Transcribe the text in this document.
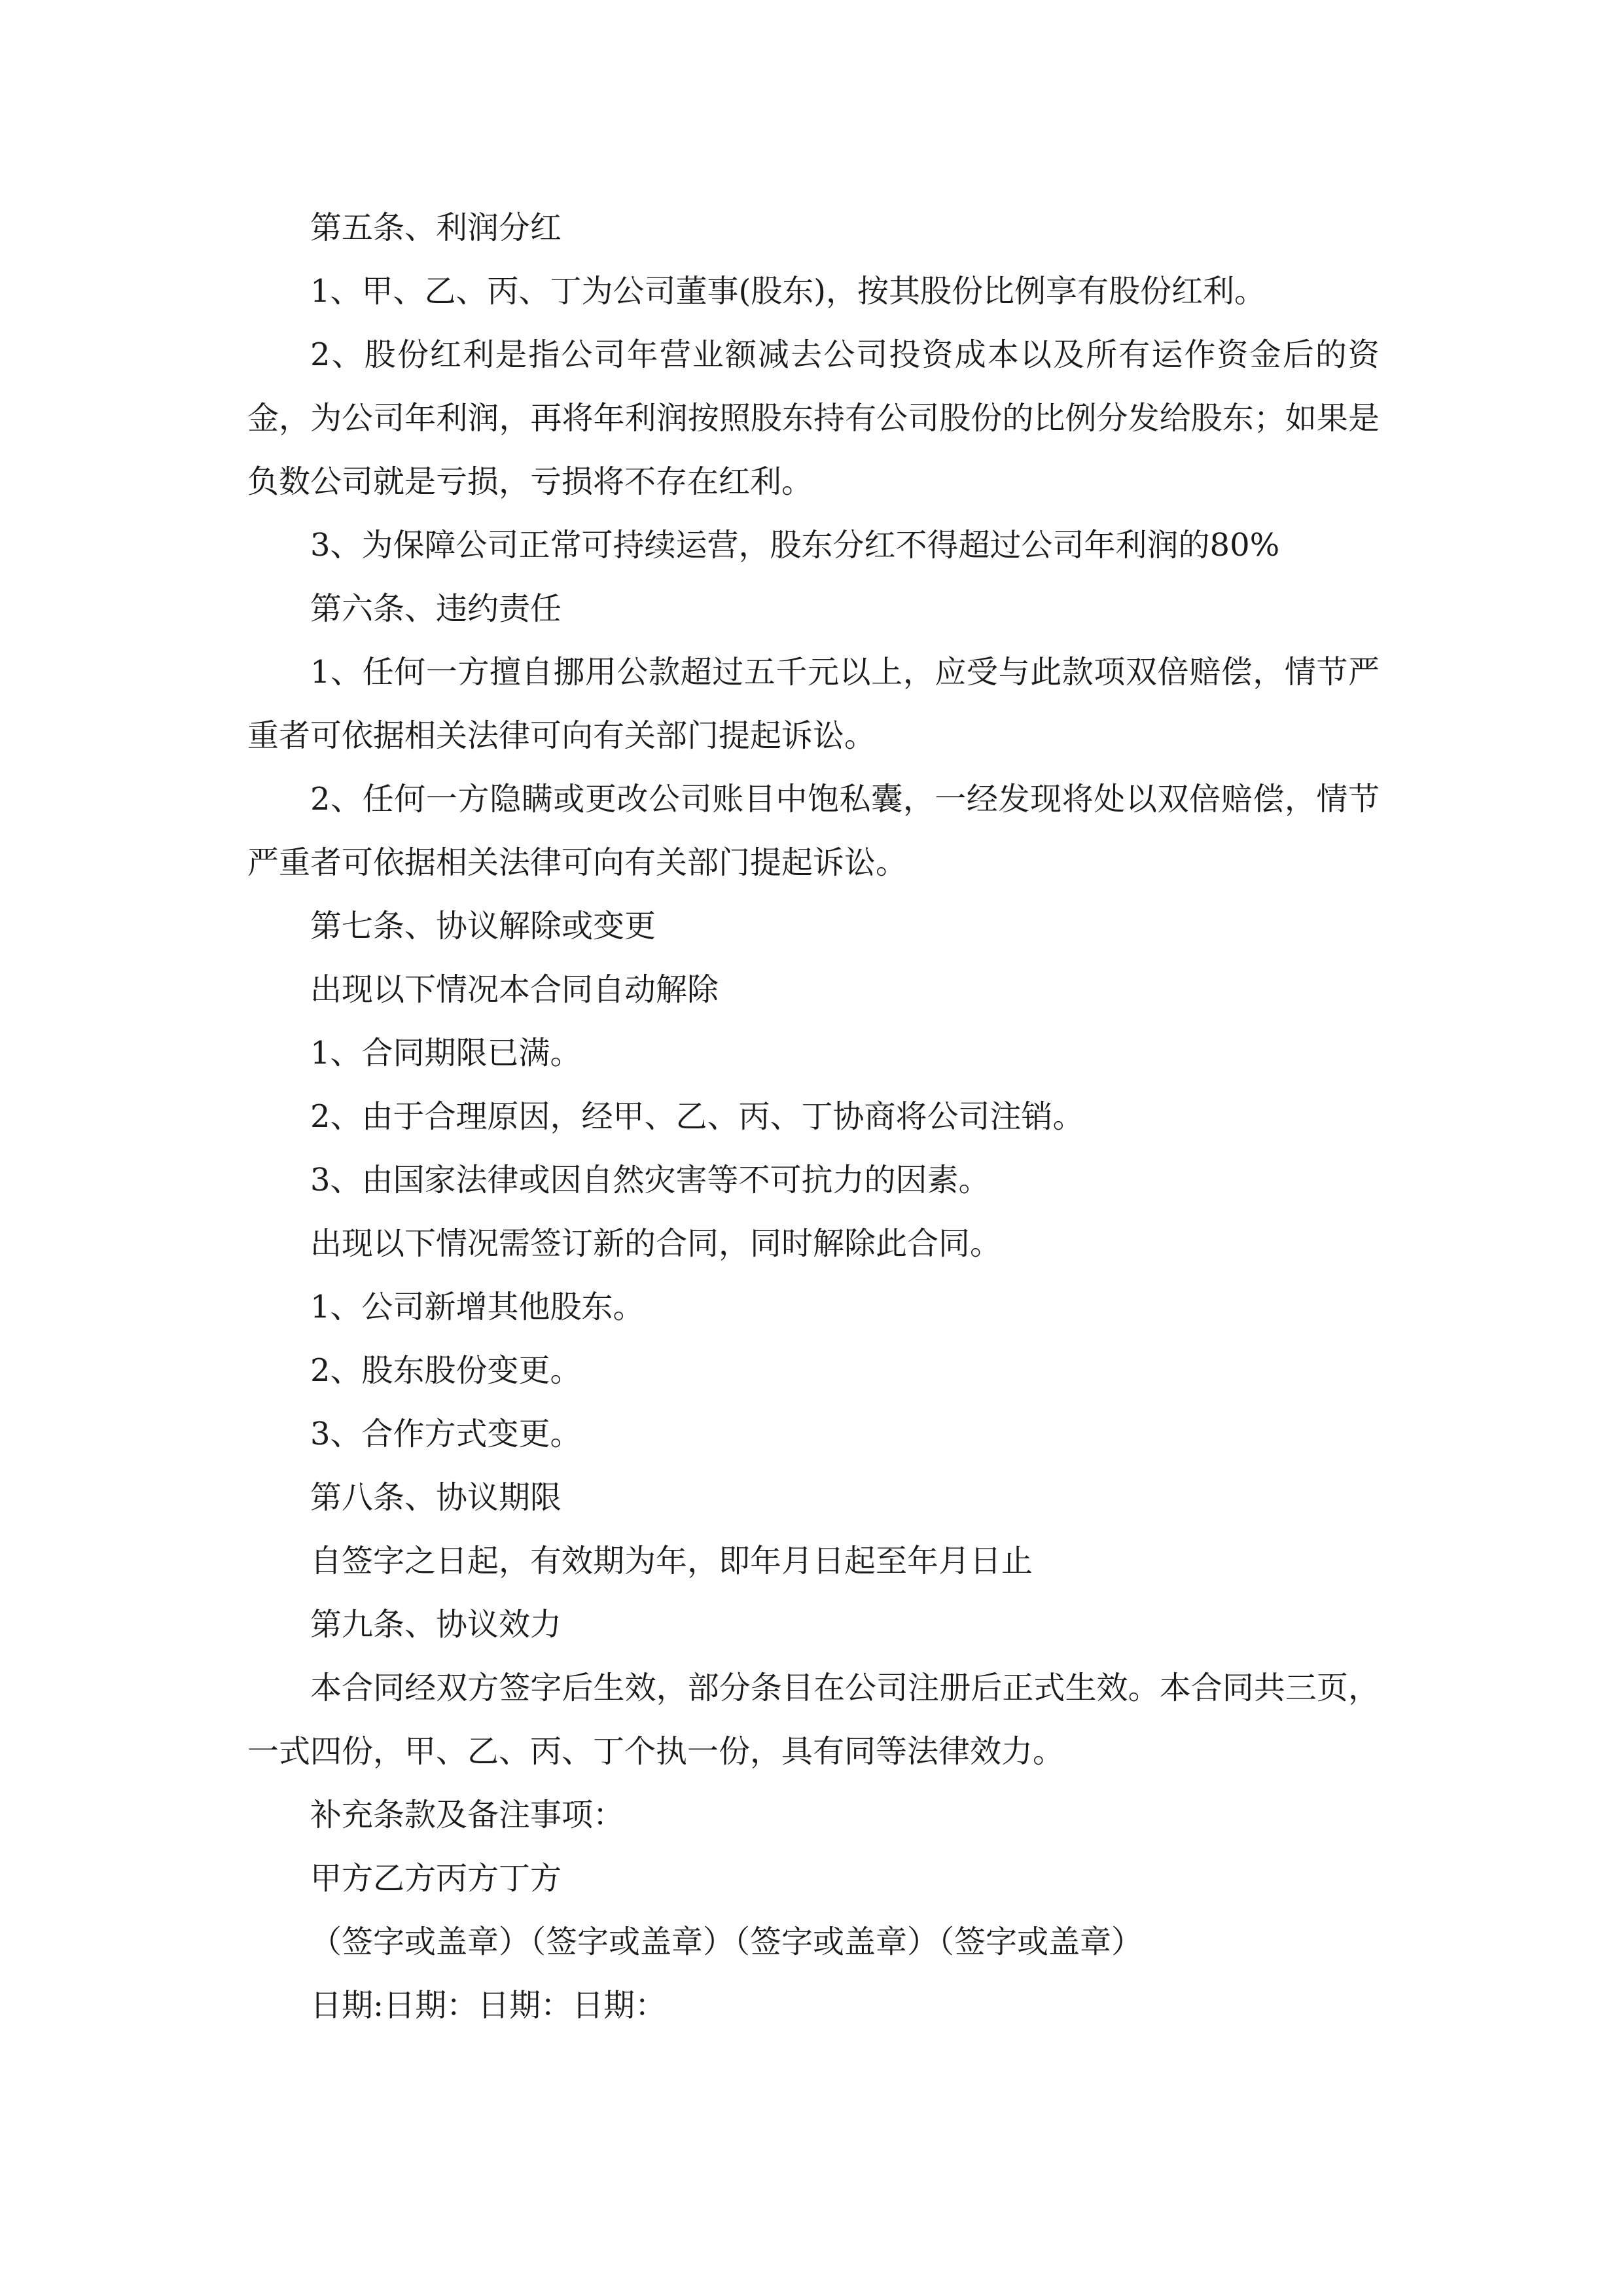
第五条、利润分红

1、甲、乙、丙、丁为公司董事(股东)，按其股份比例享有股份红利。

2、股份红利是指公司年营业额减去公司投资成本以及所有运作资金后的资金，为公司年利润，再将年利润按照股东持有公司股份的比例分发给股东；如果是负数公司就是亏损，亏损将不存在红利。

3、为保障公司正常可持续运营，股东分红不得超过公司年利润的80%

第六条、违约责任

1、任何一方擅自挪用公款超过五千元以上，应受与此款项双倍赔偿，情节严重者可依据相关法律可向有关部门提起诉讼。

2、任何一方隐瞒或更改公司账目中饱私囊，一经发现将处以双倍赔偿，情节严重者可依据相关法律可向有关部门提起诉讼。

第七条、协议解除或变更

出现以下情况本合同自动解除

1、合同期限已满。

2、由于合理原因，经甲、乙、丙、丁协商将公司注销。

3、由国家法律或因自然灾害等不可抗力的因素。

出现以下情况需签订新的合同，同时解除此合同。

1、公司新增其他股东。

2、股东股份变更。

3、合作方式变更。

第八条、协议期限

自签字之日起，有效期为年，即年月日起至年月日止

第九条、协议效力

本合同经双方签字后生效，部分条目在公司注册后正式生效。本合同共三页，一式四份，甲、乙、丙、丁个执一份，具有同等法律效力。

补充条款及备注事项：

甲方乙方丙方丁方

（签字或盖章）（签字或盖章）（签字或盖章）（签字或盖章）

日期:日期：日期：日期：
